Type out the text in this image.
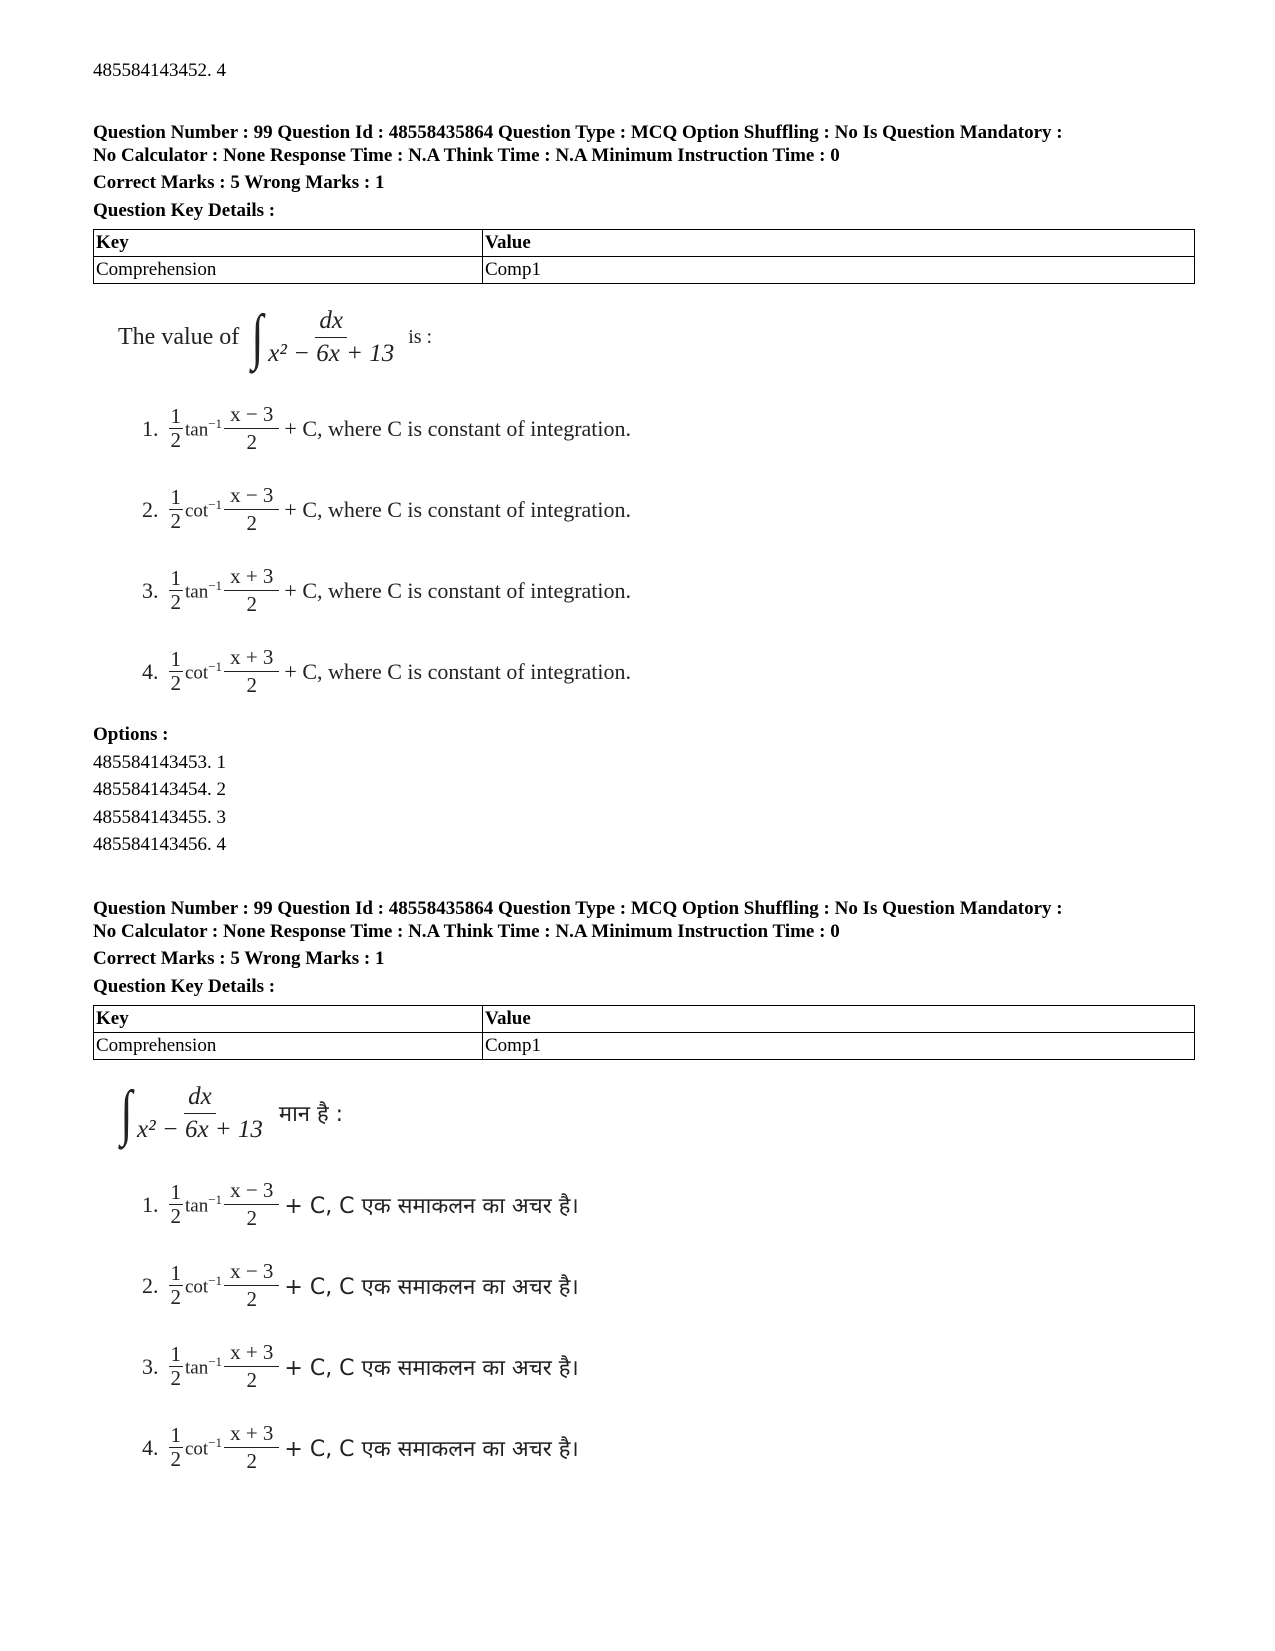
485584143452. 4
Question Number : 99 Question Id : 48558435864 Question Type : MCQ Option Shuffling : No Is Question Mandatory :
No Calculator : None Response Time : N.A Think Time : N.A Minimum Instruction Time : 0
Correct Marks : 5 Wrong Marks : 1
Question Key Details :
Key	Value
Comprehension	Comp1
The value of ∫ $\frac{dx}{\text{x² − 6x + 13}}$ is :
1. $\frac{1}{2} \tan^{-1} \frac{x - 3}{2} + C$, where C is constant of integration.
2. $\frac{1}{2} \cot^{-1} \frac{x - 3}{2} + C$, where C is constant of integration.
3. $\frac{1}{2} \tan^{-1} \frac{x + 3}{2} + C$, where C is constant of integration.
4. $\frac{1}{2} \cot^{-1} \frac{x + 3}{2} + C$, where C is constant of integration.
Options :
485584143453. 1
485584143454. 2
485584143455. 3
485584143456. 4
Question Number : 99 Question Id : 48558435864 Question Type : MCQ Option Shuffling : No Is Question Mandatory :
No Calculator : None Response Time : N.A Think Time : N.A Minimum Instruction Time : 0
Correct Marks : 5 Wrong Marks : 1
Question Key Details :
Key	Value
Comprehension	Comp1
∫ $\frac{dx}{\text{x² − 6x + 13}}$ मान है :
1. $\frac{1}{2} \tan^{-1} \frac{x - 3}{2} + C$, C एक समाकलन का अचर है।
2. $\frac{1}{2} \cot^{-1} \frac{x - 3}{2} + C$, C एक समाकलन का अचर है।
3. $\frac{1}{2} \tan^{-1} \frac{x + 3}{2} + C$, C एक समाकलन का अचर है।
4. $\frac{1}{2} \cot^{-1} \frac{x + 3}{2} + C$, C एक समाकलन का अचर है।
